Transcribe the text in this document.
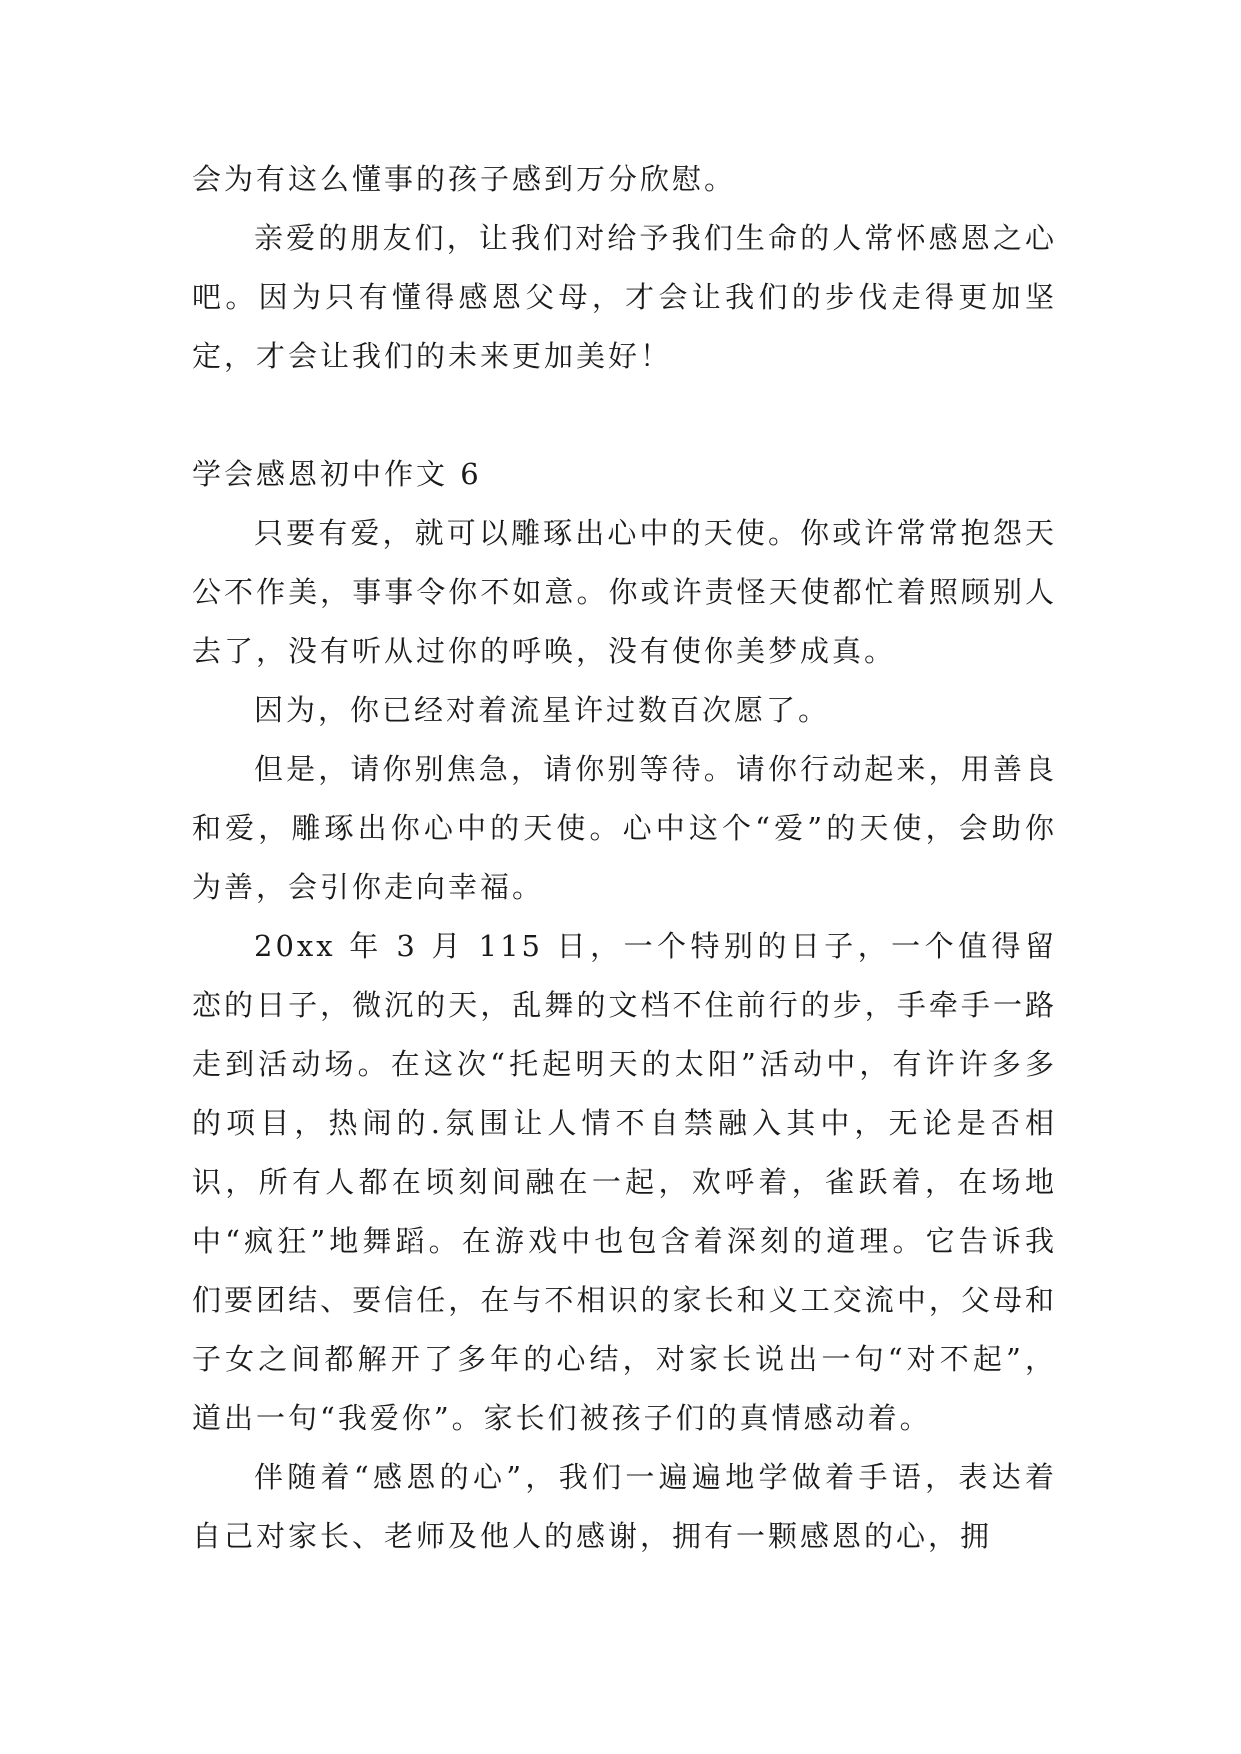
会为有这么懂事的孩子感到万分欣慰。

亲爱的朋友们，让我们对给予我们生命的人常怀感恩之心吧。因为只有懂得感恩父母，才会让我们的步伐走得更加坚定，才会让我们的未来更加美好！

学会感恩初中作文 6

只要有爱，就可以雕琢出心中的天使。你或许常常抱怨天公不作美，事事令你不如意。你或许责怪天使都忙着照顾别人去了，没有听从过你的呼唤，没有使你美梦成真。

因为，你已经对着流星许过数百次愿了。

但是，请你别焦急，请你别等待。请你行动起来，用善良和爱，雕琢出你心中的天使。心中这个“爱”的天使，会助你为善，会引你走向幸福。

20xx 年 3 月 115 日，一个特别的日子，一个值得留恋的日子，微沉的天，乱舞的文档不住前行的步，手牵手一路走到活动场。在这次“托起明天的太阳”活动中，有许许多多的项目，热闹的.氛围让人情不自禁融入其中，无论是否相识，所有人都在顷刻间融在一起，欢呼着，雀跃着，在场地中“疯狂”地舞蹈。在游戏中也包含着深刻的道理。它告诉我们要团结、要信任，在与不相识的家长和义工交流中，父母和子女之间都解开了多年的心结，对家长说出一句“对不起”，道出一句“我爱你”。家长们被孩子们的真情感动着。

伴随着“感恩的心”，我们一遍遍地学做着手语，表达着自己对家长、老师及他人的感谢，拥有一颗感恩的心，拥
